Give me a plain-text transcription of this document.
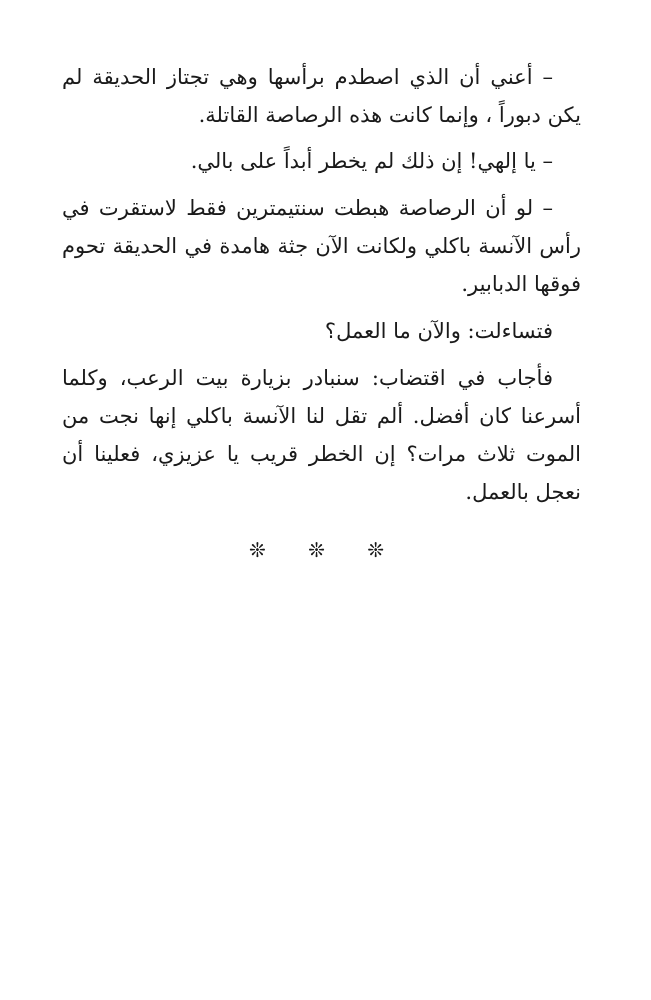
– أعني أن الذي اصطدم برأسها وهي تجتاز الحديقة لم يكن دبوراً ، وإنما كانت هذه الرصاصة القاتلة.

– يا إلهي! إن ذلك لم يخطر أبداً على بالي.

– لو أن الرصاصة هبطت سنتيمترين فقط لاستقرت في رأس الآنسة باكلي ولكانت الآن جثة هامدة في الحديقة تحوم فوقها الدبابير.

فتساءلت: والآن ما العمل؟

فأجاب في اقتضاب: سنبادر بزيارة بيت الرعب، وكلما أسرعنا كان أفضل. ألم تقل لنا الآنسة باكلي إنها نجت من الموت ثلاث مرات؟ إن الخطر قريب يا عزيزي، فعلينا أن نعجل بالعمل.

❊ ❊ ❊
